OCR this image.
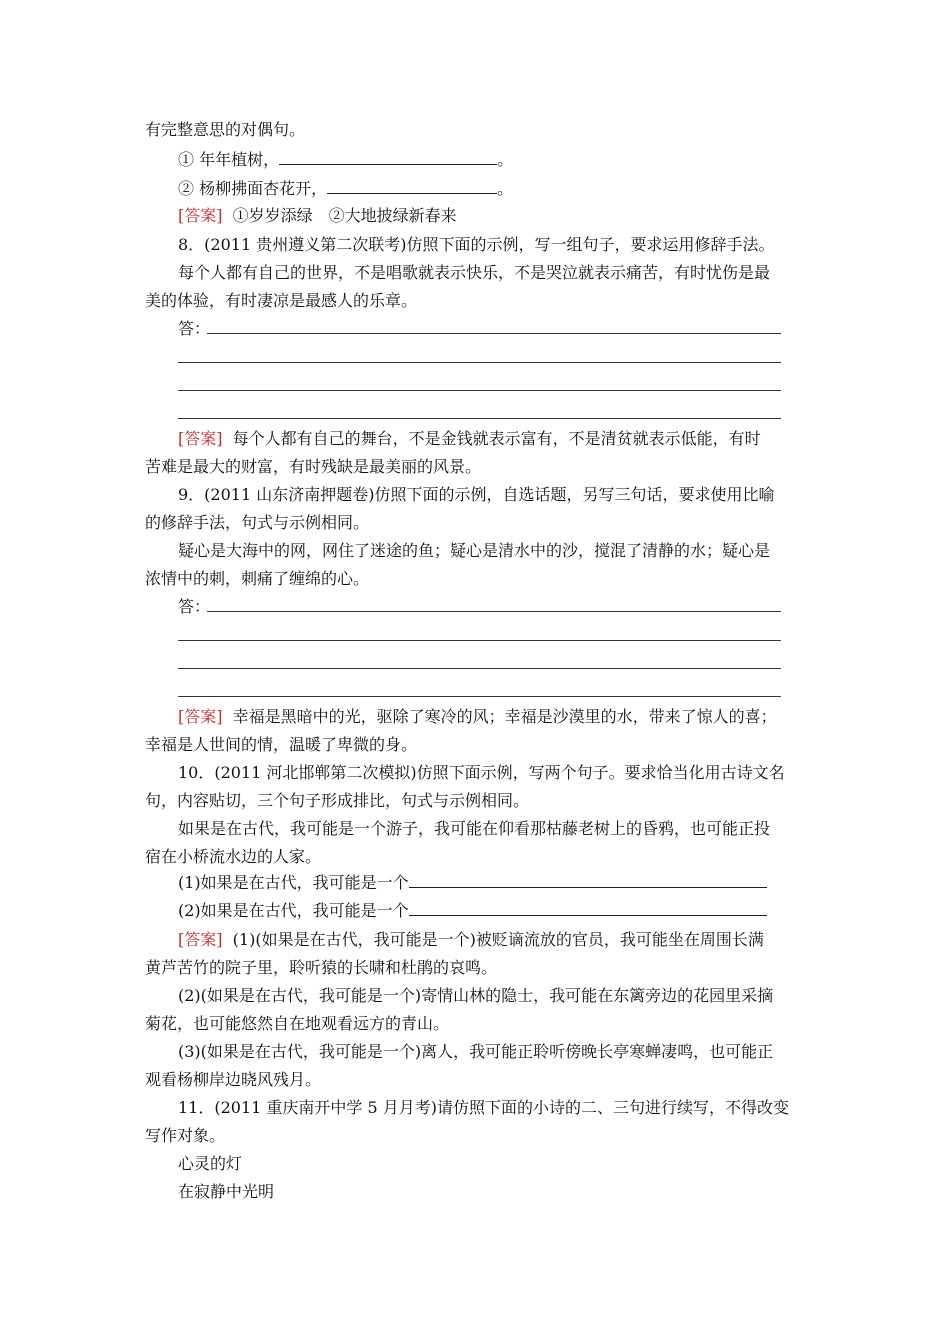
有完整意思的对偶句。
① 年年植树，	。
② 杨柳拂面杏花开，	。
[答案] ①岁岁添绿　②大地披绿新春来
8．(2011 贵州遵义第二次联考)仿照下面的示例，写一组句子，要求运用修辞手法。
每个人都有自己的世界，不是唱歌就表示快乐，不是哭泣就表示痛苦，有时忧伤是最
美的体验，有时凄凉是最感人的乐章。
答：
[答案] 每个人都有自己的舞台，不是金钱就表示富有，不是清贫就表示低能，有时
苦难是最大的财富，有时残缺是最美丽的风景。
9．(2011 山东济南押题卷)仿照下面的示例，自选话题，另写三句话，要求使用比喻
的修辞手法，句式与示例相同。
疑心是大海中的网，网住了迷途的鱼；疑心是清水中的沙，搅混了清静的水；疑心是
浓情中的刺，刺痛了缠绵的心。
答：
[答案] 幸福是黑暗中的光，驱除了寒冷的风；幸福是沙漠里的水，带来了惊人的喜；
幸福是人世间的情，温暖了卑微的身。
10．(2011 河北邯郸第二次模拟)仿照下面示例，写两个句子。要求恰当化用古诗文名
句，内容贴切，三个句子形成排比，句式与示例相同。
如果是在古代，我可能是一个游子，我可能在仰看那枯藤老树上的昏鸦，也可能正投
宿在小桥流水边的人家。
(1)如果是在古代，我可能是一个
(2)如果是在古代，我可能是一个
[答案] (1)(如果是在古代，我可能是一个)被贬谪流放的官员，我可能坐在周围长满
黄芦苦竹的院子里，聆听猿的长啸和杜鹃的哀鸣。
(2)(如果是在古代，我可能是一个)寄情山林的隐士，我可能在东篱旁边的花园里采摘
菊花，也可能悠然自在地观看远方的青山。
(3)(如果是在古代，我可能是一个)离人，我可能正聆听傍晚长亭寒蝉凄鸣，也可能正
观看杨柳岸边晓风残月。
11．(2011 重庆南开中学 5 月月考)请仿照下面的小诗的二、三句进行续写，不得改变
写作对象。
心灵的灯
在寂静中光明
